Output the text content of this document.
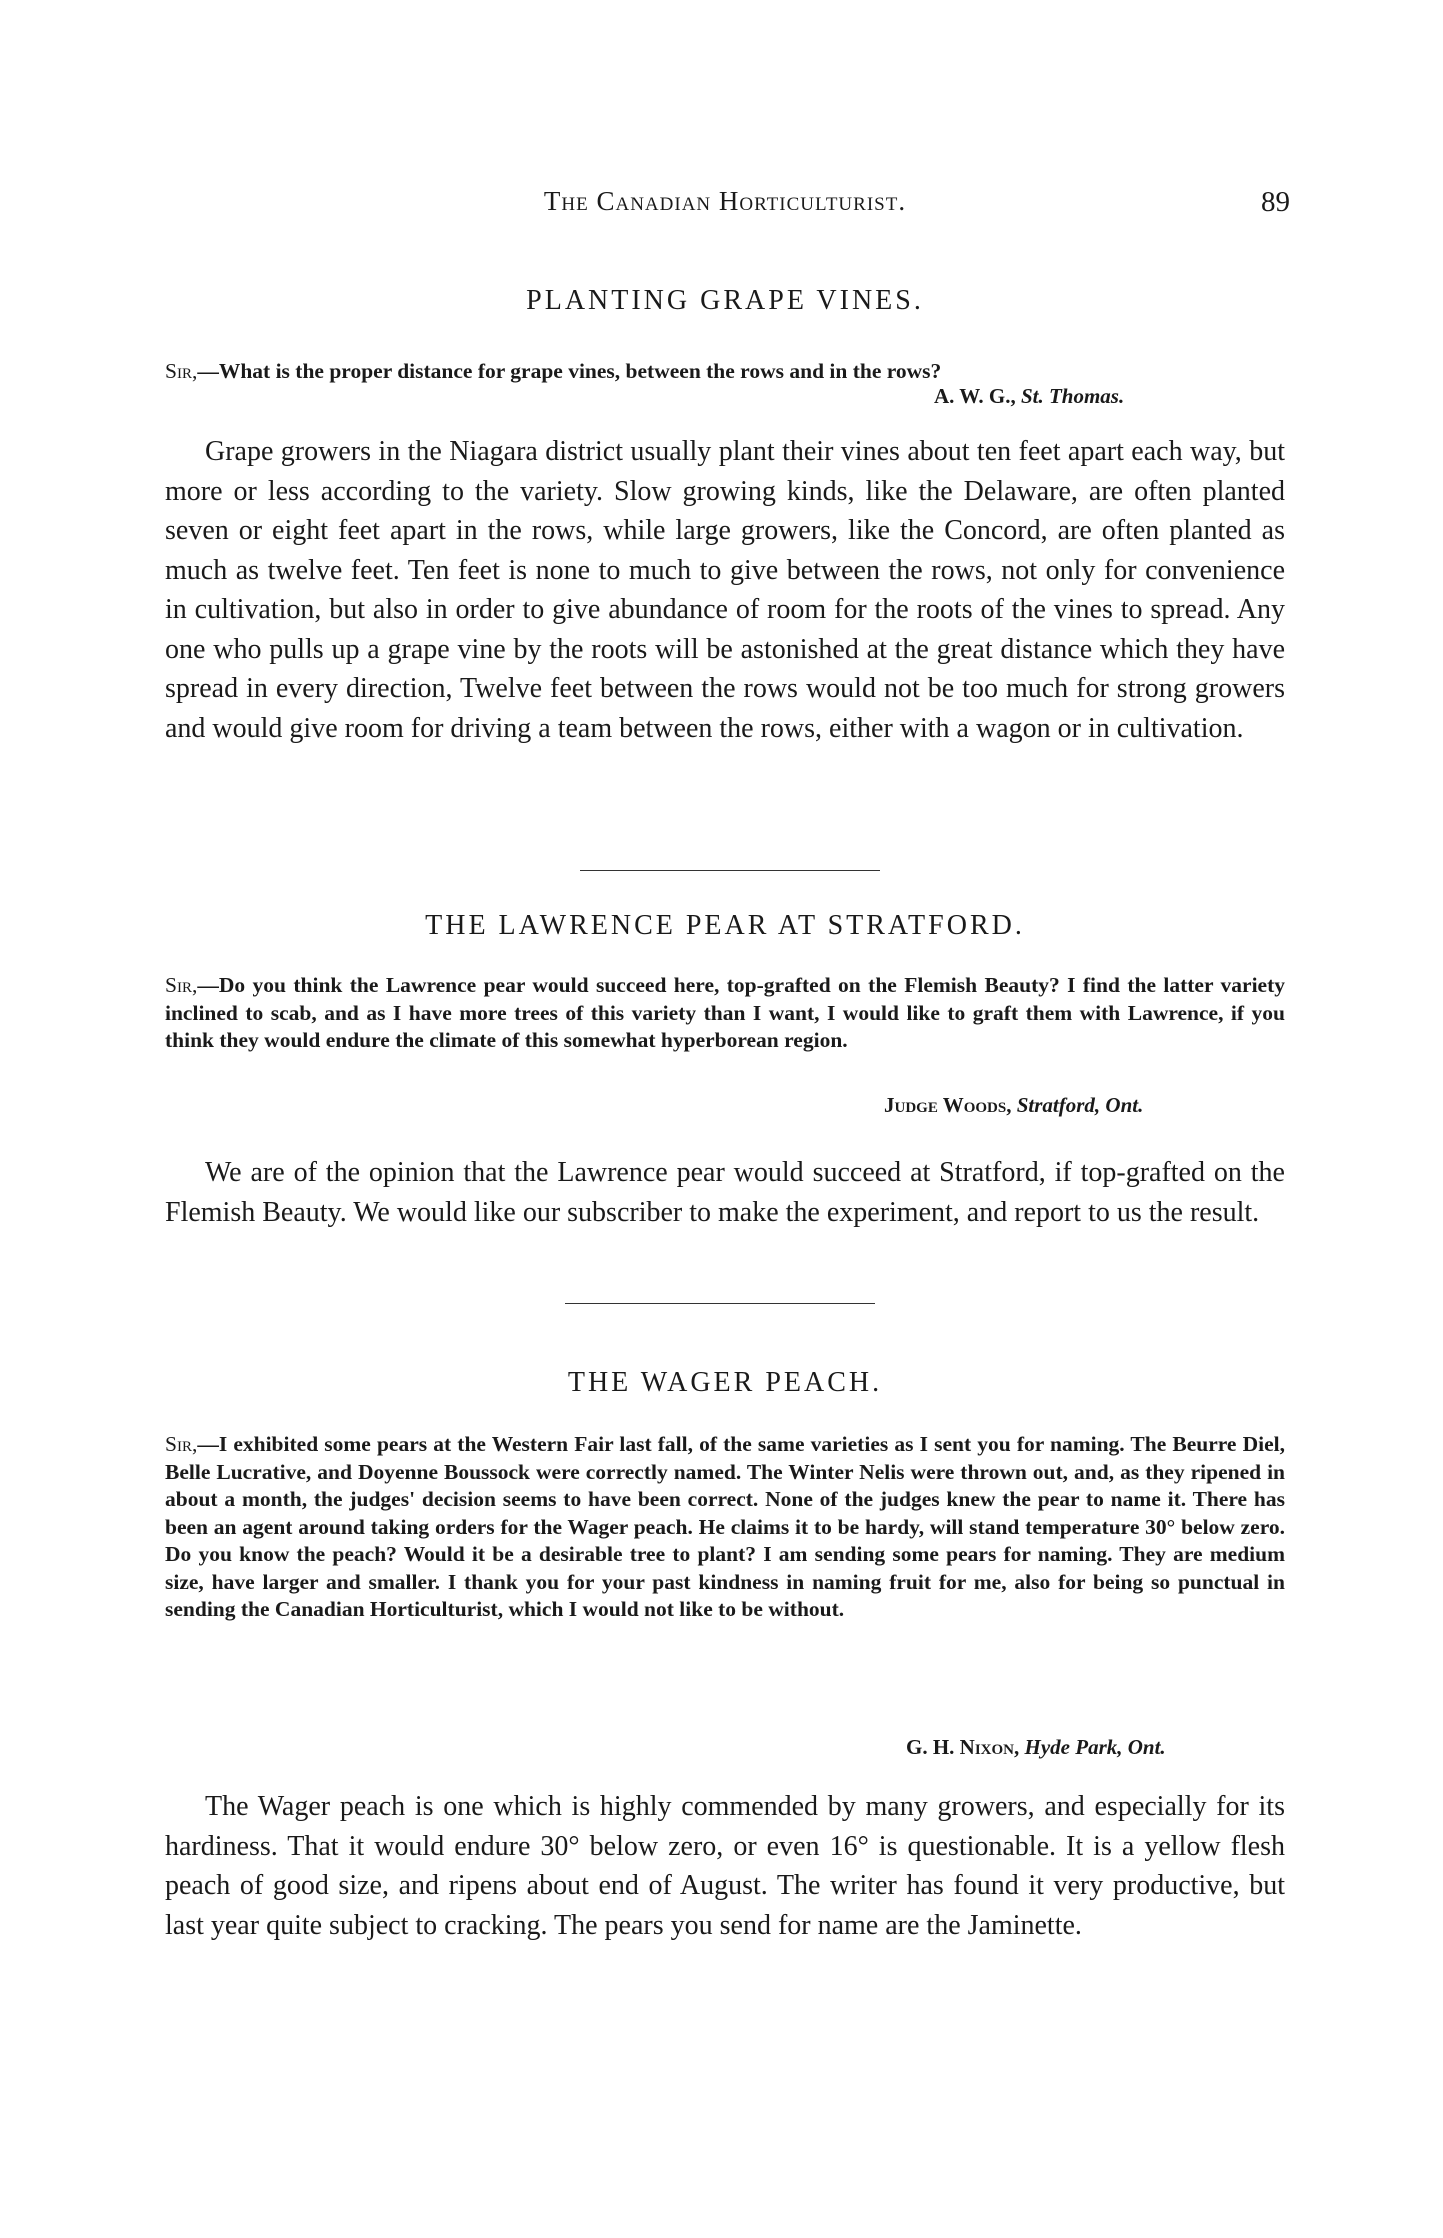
The Canadian Horticulturist.	89
PLANTING GRAPE VINES.
Sir,—What is the proper distance for grape vines, between the rows and in the rows?
A. W. G., St. Thomas.
Grape growers in the Niagara district usually plant their vines about ten feet apart each way, but more or less according to the variety. Slow growing kinds, like the Delaware, are often planted seven or eight feet apart in the rows, while large growers, like the Concord, are often planted as much as twelve feet. Ten feet is none to much to give between the rows, not only for convenience in cultivation, but also in order to give abundance of room for the roots of the vines to spread. Any one who pulls up a grape vine by the roots will be astonished at the great distance which they have spread in every direction, Twelve feet between the rows would not be too much for strong growers and would give room for driving a team between the rows, either with a wagon or in cultivation.
THE LAWRENCE PEAR AT STRATFORD.
Sir,—Do you think the Lawrence pear would succeed here, top-grafted on the Flemish Beauty? I find the latter variety inclined to scab, and as I have more trees of this variety than I want, I would like to graft them with Lawrence, if you think they would endure the climate of this somewhat hyperborean region.
Judge Woods, Stratford, Ont.
We are of the opinion that the Lawrence pear would succeed at Stratford, if top-grafted on the Flemish Beauty. We would like our subscriber to make the experiment, and report to us the result.
THE WAGER PEACH.
Sir,—I exhibited some pears at the Western Fair last fall, of the same varieties as I sent you for naming. The Beurre Diel, Belle Lucrative, and Doyenne Boussock were correctly named. The Winter Nelis were thrown out, and, as they ripened in about a month, the judges' decision seems to have been correct. None of the judges knew the pear to name it. There has been an agent around taking orders for the Wager peach. He claims it to be hardy, will stand temperature 30° below zero. Do you know the peach? Would it be a desirable tree to plant? I am sending some pears for naming. They are medium size, have larger and smaller. I thank you for your past kindness in naming fruit for me, also for being so punctual in sending the Canadian Horticulturist, which I would not like to be without.
G. H. Nixon, Hyde Park, Ont.
The Wager peach is one which is highly commended by many growers, and especially for its hardiness. That it would endure 30° below zero, or even 16° is questionable. It is a yellow flesh peach of good size, and ripens about end of August. The writer has found it very productive, but last year quite subject to cracking. The pears you send for name are the Jaminette.
